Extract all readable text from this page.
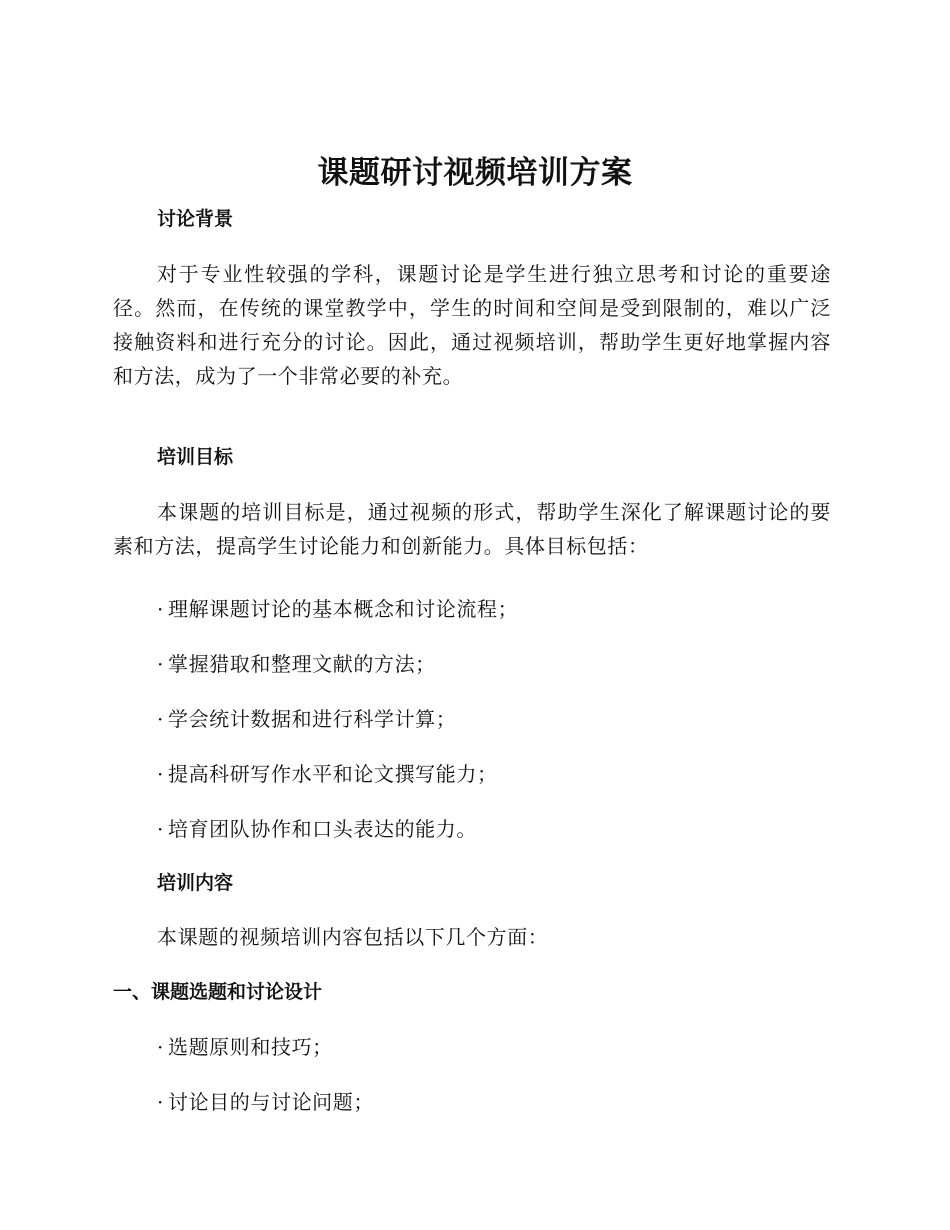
课题研讨视频培训方案
讨论背景

对于专业性较强的学科，课题讨论是学生进行独立思考和讨论的重要途径。然而，在传统的课堂教学中，学生的时间和空间是受到限制的，难以广泛接触资料和进行充分的讨论。因此，通过视频培训，帮助学生更好地掌握内容和方法，成为了一个非常必要的补充。

培训目标

本课题的培训目标是，通过视频的形式，帮助学生深化了解课题讨论的要素和方法，提高学生讨论能力和创新能力。具体目标包括：

· 理解课题讨论的基本概念和讨论流程；

· 掌握猎取和整理文献的方法；

· 学会统计数据和进行科学计算；

· 提高科研写作水平和论文撰写能力；

· 培育团队协作和口头表达的能力。

培训内容

本课题的视频培训内容包括以下几个方面：

一、课题选题和讨论设计

· 选题原则和技巧；

· 讨论目的与讨论问题；
